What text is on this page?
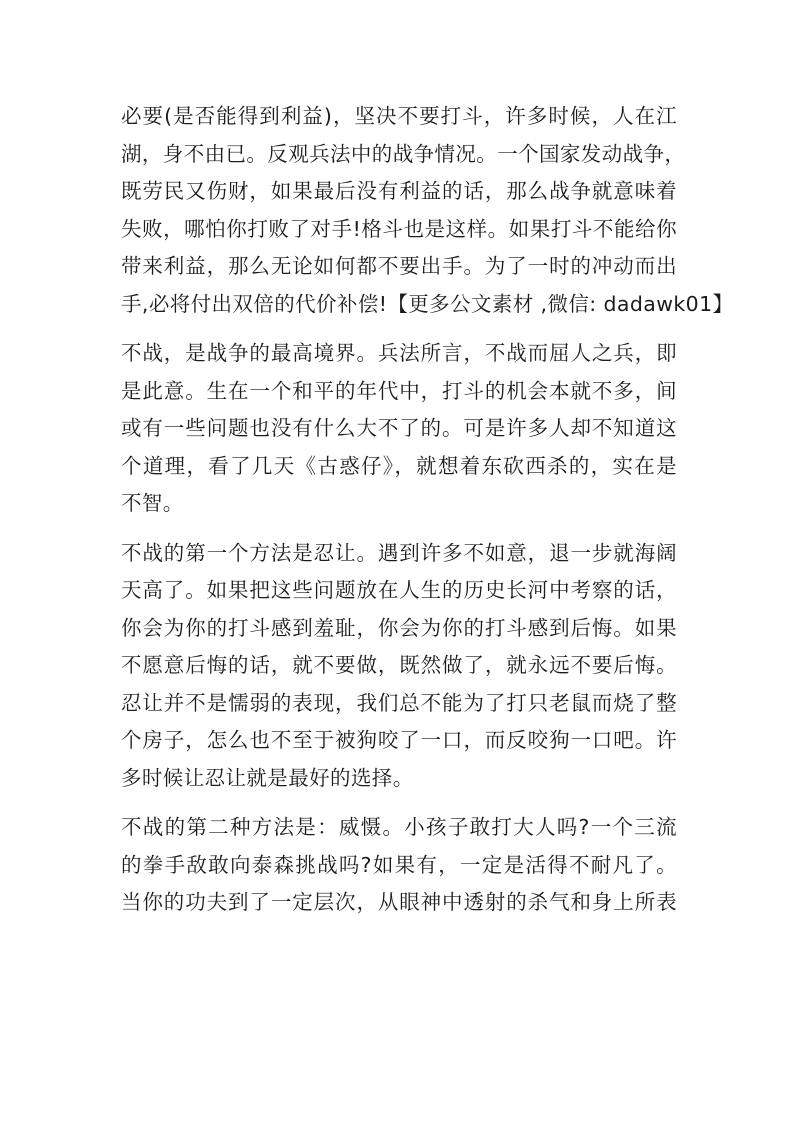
必要(是否能得到利益)，坚决不要打斗，许多时候，人在江
湖，身不由已。反观兵法中的战争情况。一个国家发动战争，
既劳民又伤财，如果最后没有利益的话，那么战争就意味着
失败，哪怕你打败了对手!格斗也是这样。如果打斗不能给你
带来利益，那么无论如何都不要出手。为了一时的冲动而出
手,必将付出双倍的代价补偿!【更多公文素材 ,微信: dadawk01】

不战，是战争的最高境界。兵法所言，不战而屈人之兵，即
是此意。生在一个和平的年代中，打斗的机会本就不多，间
或有一些问题也没有什么大不了的。可是许多人却不知道这
个道理，看了几天《古惑仔》，就想着东砍西杀的，实在是
不智。

不战的第一个方法是忍让。遇到许多不如意，退一步就海阔
天高了。如果把这些问题放在人生的历史长河中考察的话，
你会为你的打斗感到羞耻，你会为你的打斗感到后悔。如果
不愿意后悔的话，就不要做，既然做了，就永远不要后悔。
忍让并不是懦弱的表现，我们总不能为了打只老鼠而烧了整
个房子，怎么也不至于被狗咬了一口，而反咬狗一口吧。许
多时候让忍让就是最好的选择。

不战的第二种方法是：威慑。小孩子敢打大人吗?一个三流
的拳手敌敢向泰森挑战吗?如果有，一定是活得不耐凡了。
当你的功夫到了一定层次，从眼神中透射的杀气和身上所表
